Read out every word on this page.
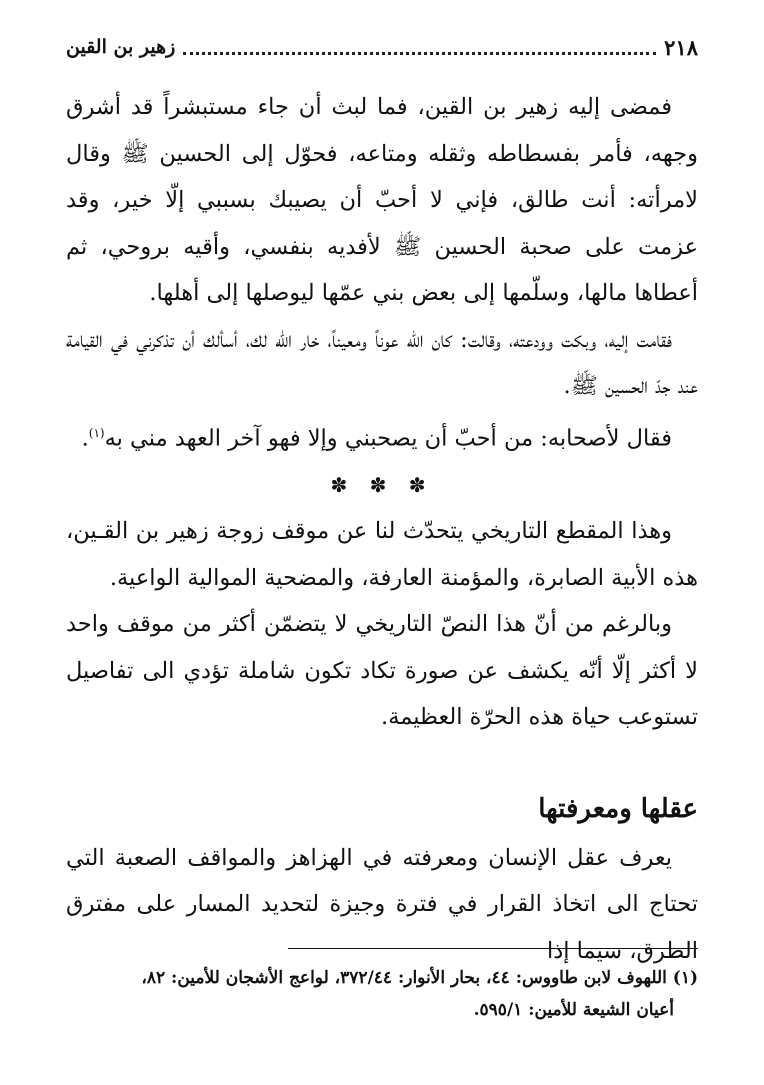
٢١٨
زهير بن القين

فمضى إليه زهير بن القين، فما لبث أن جاء مستبشراً قد أشرق وجهه، فأمر بفسطاطه وثقله ومتاعه، فحوّل إلى الحسين ﷺ وقال لامرأته: أنت طالق، فإني لا أحبّ أن يصيبك بسببي إلّا خير، وقد عزمت على صحبة الحسين ﷺ لأفديه بنفسي، وأقيه بروحي، ثم أعطاها مالها، وسلّمها إلى بعض بني عمّها ليوصلها إلى أهلها.

فقامت إليه، وبكت وودعته، وقالت: كان الله عوناً ومعيناً، خار الله لك، أسألك أن تذكرني في القيامة عند جدّ الحسين ﷺ.

فقال لأصحابه: من أحبّ أن يصحبني وإلا فهو آخر العهد مني به$^{(١)}$.

✽ ✽ ✽

وهذا المقطع التاريخي يتحدّث لنا عن موقف زوجة زهير بن القـين، هذه الأبية الصابرة، والمؤمنة العارفة، والمضحية الموالية الواعية.

وبالرغم من أنّ هذا النصّ التاريخي لا يتضمّن أكثر من موقف واحد لا أكثر إلّا أنّه يكشف عن صورة تكاد تكون شاملة تؤدي الى تفاصيل تستوعب حياة هذه الحرّة العظيمة.

عقلها ومعرفتها

يعرف عقل الإنسان ومعرفته في الهزاهز والمواقف الصعبة التي تحتاج الى اتخاذ القرار في فترة وجيزة لتحديد المسار على مفترق الطرق، سيما إذا

(١) اللهوف لابن طاووس: ٤٤، بحار الأنوار: ٣٧٢/٤٤، لواعج الأشجان للأمين: ٨٢،

أعيان الشيعة للأمين: ٥٩٥/١.
